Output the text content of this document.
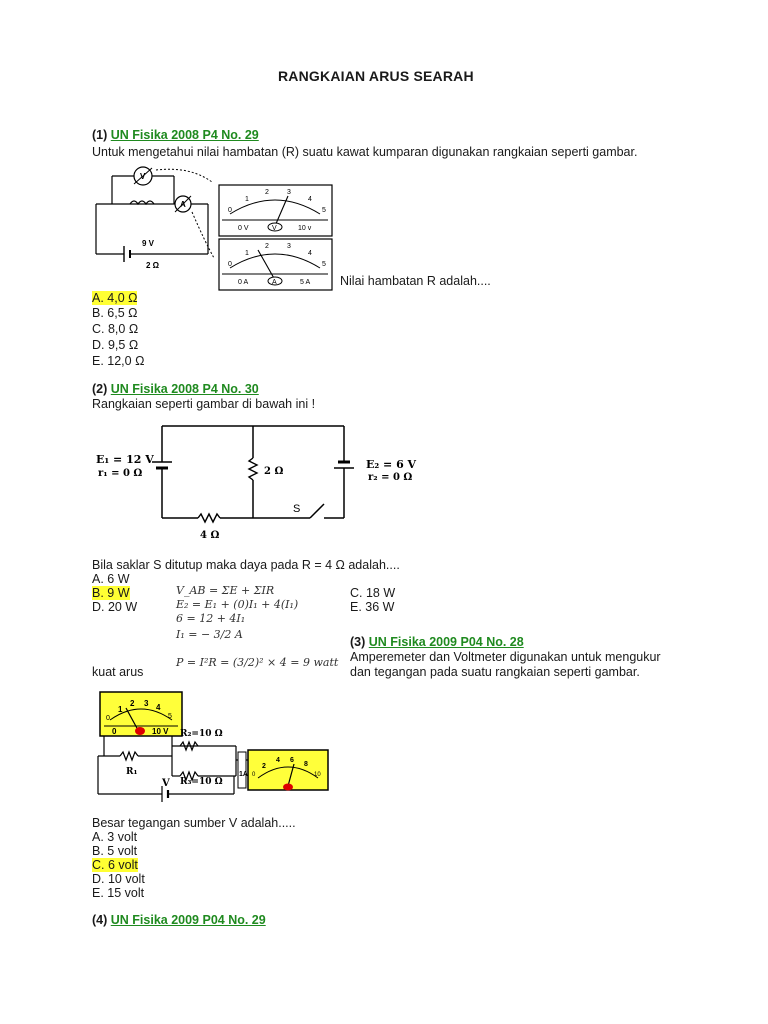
RANGKAIAN ARUS SEARAH
(1) UN Fisika 2008 P4 No. 29
Untuk mengetahui nilai hambatan (R) suatu kawat kumparan digunakan rangkaian seperti gambar.
9 V
2 Ω
V
A
0
1
2	3
4
5
0 V	V	10 v
0
1
2	3
4
5
0 A	A	5 A Nilai hambatan R adalah....
A. 4,0 Ω
B. 6,5 Ω
C. 8,0 Ω
D. 9,5 Ω
E. 12,0 Ω
(2) UN Fisika 2008 P4 No. 30
Rangkaian seperti gambar di bawah ini !
E₁ = 12 V
r₁ = 0 Ω	2 Ω
E₂ = 6 V
r₂ = 0 Ω
S
4 Ω
Bila saklar S ditutup maka daya pada R = 4 Ω adalah....
A. 6 W
B. 9 W
D. 20 W
C. 18 W
E. 36 W
V_AB = ΣE + ΣIR
E₂ = E₁ + (0)I₁ + 4(I₁)
6 = 12 + 4I₁
I₁ = − 3/2 A
P = I²R = (3/2)² × 4 = 9 watt
(3) UN Fisika 2009 P04 No. 28
Amperemeter dan Voltmeter digunakan untuk mengukur
kuat arus	dan tegangan pada suatu rangkaian seperti gambar.
0
1
2 3 4
5
0	10 V R₂=10 Ω
R₁
R₃=10 Ω
V
1A 0
2
4 6
8
10
Besar tegangan sumber V adalah.....
A. 3 volt
B. 5 volt
C. 6 volt
D. 10 volt
E. 15 volt
(4) UN Fisika 2009 P04 No. 29
